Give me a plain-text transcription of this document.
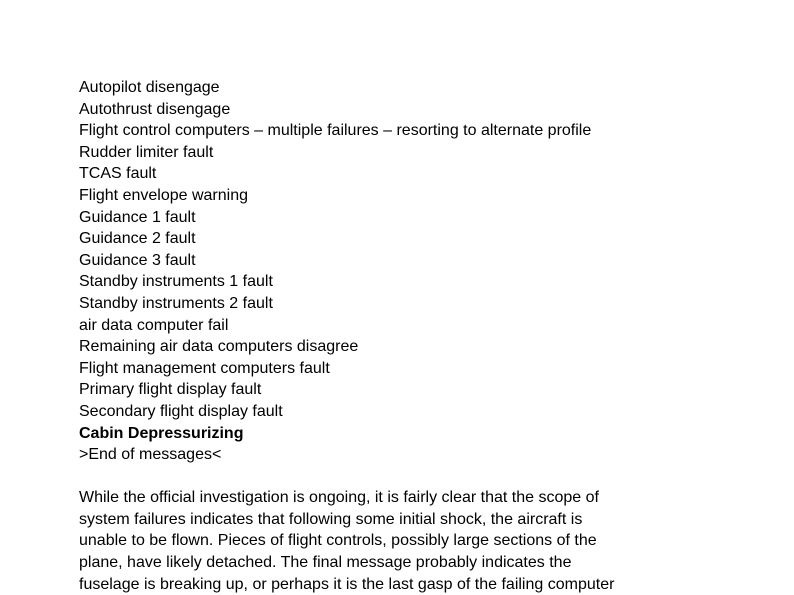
Autopilot disengage
Autothrust disengage
Flight control computers – multiple failures – resorting to alternate profile
Rudder limiter fault
TCAS fault
Flight envelope warning
Guidance 1 fault
Guidance 2 fault
Guidance 3 fault
Standby instruments 1 fault
Standby instruments 2 fault
air data computer fail
Remaining air data computers disagree
Flight management computers fault
Primary flight display fault
Secondary flight display fault
Cabin Depressurizing
>End of messages<

While the official investigation is ongoing, it is fairly clear that the scope of
system failures indicates that following some initial shock, the aircraft is
unable to be flown. Pieces of flight controls, possibly large sections of the
plane, have likely detached. The final message probably indicates the
fuselage is breaking up, or perhaps it is the last gasp of the failing computer
